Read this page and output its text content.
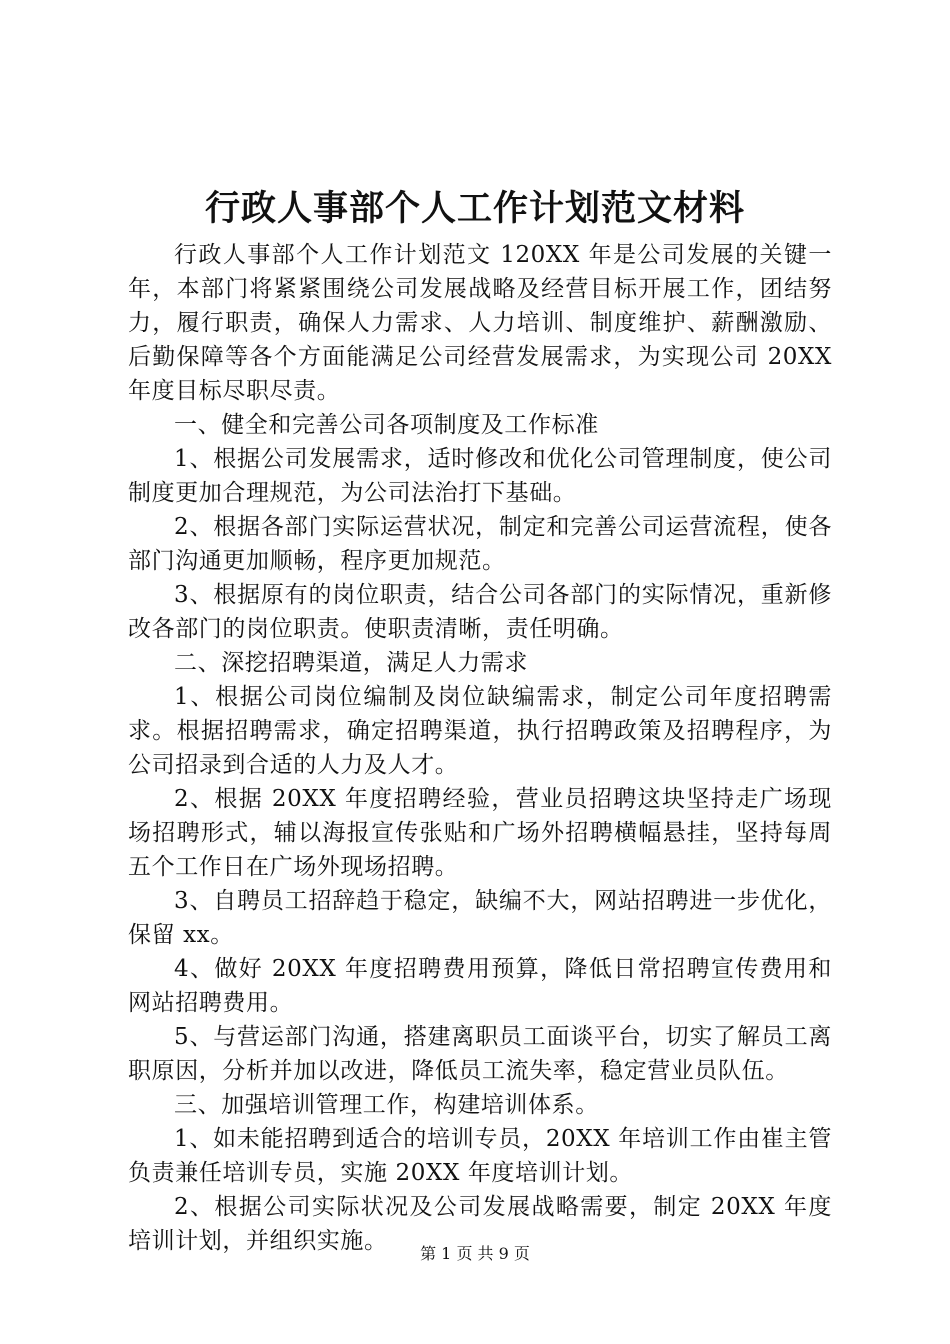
行政人事部个人工作计划范文材料

行政人事部个人工作计划范文 120XX 年是公司发展的关键一年，本部门将紧紧围绕公司发展战略及经营目标开展工作，团结努力，履行职责，确保人力需求、人力培训、制度维护、薪酬激励、后勤保障等各个方面能满足公司经营发展需求，为实现公司 20XX 年度目标尽职尽责。

一、健全和完善公司各项制度及工作标准

1、根据公司发展需求，适时修改和优化公司管理制度，使公司制度更加合理规范，为公司法治打下基础。

2、根据各部门实际运营状况，制定和完善公司运营流程，使各部门沟通更加顺畅，程序更加规范。

3、根据原有的岗位职责，结合公司各部门的实际情况，重新修改各部门的岗位职责。使职责清晰，责任明确。

二、深挖招聘渠道，满足人力需求

1、根据公司岗位编制及岗位缺编需求，制定公司年度招聘需求。根据招聘需求，确定招聘渠道，执行招聘政策及招聘程序，为公司招录到合适的人力及人才。

2、根据 20XX 年度招聘经验，营业员招聘这块坚持走广场现场招聘形式，辅以海报宣传张贴和广场外招聘横幅悬挂，坚持每周五个工作日在广场外现场招聘。

3、自聘员工招辞趋于稳定，缺编不大，网站招聘进一步优化，保留 xx。

4、做好 20XX 年度招聘费用预算，降低日常招聘宣传费用和网站招聘费用。

5、与营运部门沟通，搭建离职员工面谈平台，切实了解员工离职原因，分析并加以改进，降低员工流失率，稳定营业员队伍。

三、加强培训管理工作，构建培训体系。

1、如未能招聘到适合的培训专员，20XX 年培训工作由崔主管负责兼任培训专员，实施 20XX 年度培训计划。

2、根据公司实际状况及公司发展战略需要，制定 20XX 年度培训计划，并组织实施。	第 1 页 共 9 页
